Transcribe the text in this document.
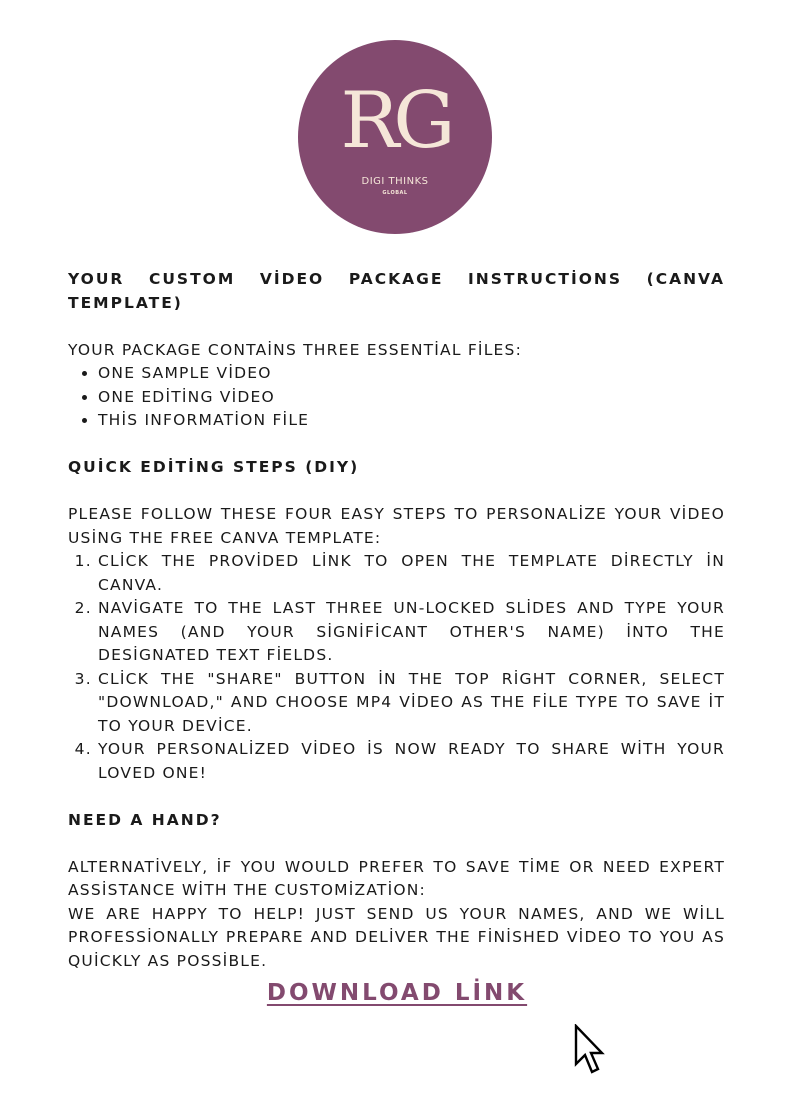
RG
DIGI THINKS
GLOBAL

YOUR CUSTOM VİDEO PACKAGE INSTRUCTİONS (CANVA

TEMPLATE)

YOUR PACKAGE CONTAİNS THREE ESSENTİAL FİLES:

• ONE SAMPLE VİDEO
• ONE EDİTİNG VİDEO
• THİS INFORMATİON FİLE

QUİCK EDİTİNG STEPS (DIY)

PLEASE FOLLOW THESE FOUR EASY STEPS TO PERSONALİZE YOUR VİDEO USİNG THE FREE CANVA TEMPLATE:

1. CLİCK THE PROVİDED LİNK TO OPEN THE TEMPLATE DİRECTLY İN CANVA.
2. NAVİGATE TO THE LAST THREE UN-LOCKED SLİDES AND TYPE YOUR NAMES (AND YOUR SİGNİFİCANT OTHER'S NAME) İNTO THE DESİGNATED TEXT FİELDS.
3. CLİCK THE "SHARE" BUTTON İN THE TOP RİGHT CORNER, SELECT "DOWNLOAD," AND CHOOSE MP4 VİDEO AS THE FİLE TYPE TO SAVE İT TO YOUR DEVİCE.
4. YOUR PERSONALİZED VİDEO İS NOW READY TO SHARE WİTH YOUR LOVED ONE!

NEED A HAND?

ALTERNATİVELY, İF YOU WOULD PREFER TO SAVE TİME OR NEED EXPERT ASSİSTANCE WİTH THE CUSTOMİZATİON:

WE ARE HAPPY TO HELP! JUST SEND US YOUR NAMES, AND WE WİLL PROFESSİONALLY PREPARE AND DELİVER THE FİNİSHED VİDEO TO YOU AS QUİCKLY AS POSSİBLE.

DOWNLOAD LİNK
